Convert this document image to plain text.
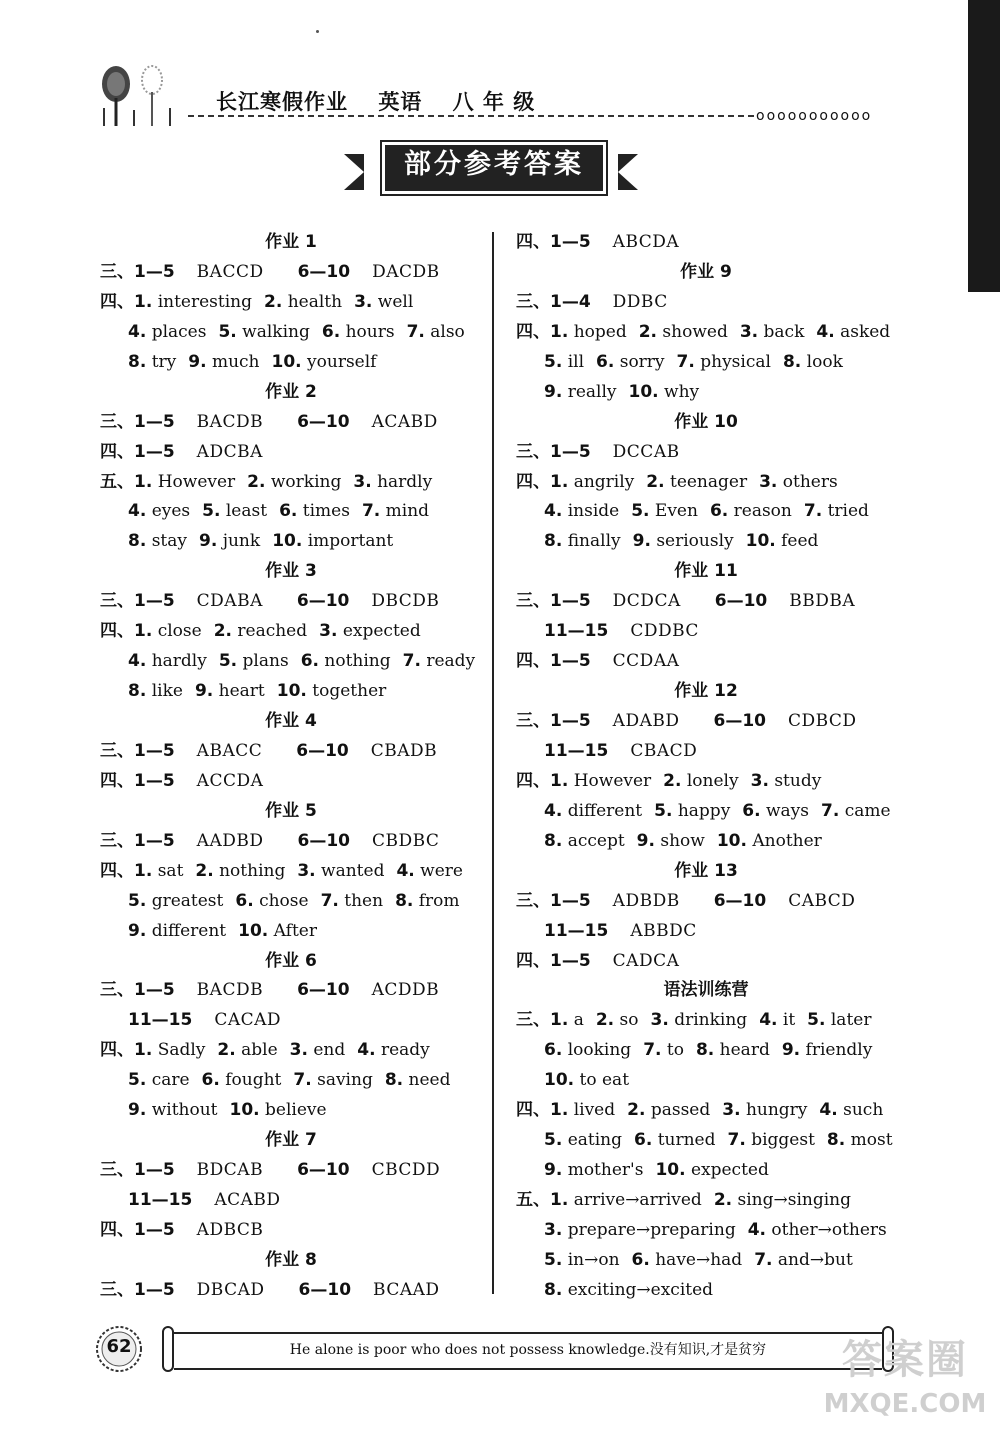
长江寒假作业 英语 八 年 级
ooooooooooo
部分参考答案
作业 1
三、1—5 BACCD 6—10 DACDB
四、1. interesting 2. health 3. well
4. places 5. walking 6. hours 7. also
8. try 9. much 10. yourself
作业 2
三、1—5 BACDB 6—10 ACABD
四、1—5 ADCBA
五、1. However 2. working 3. hardly
4. eyes 5. least 6. times 7. mind
8. stay 9. junk 10. important
作业 3
三、1—5 CDABA 6—10 DBCDB
四、1. close 2. reached 3. expected
4. hardly 5. plans 6. nothing 7. ready
8. like 9. heart 10. together
作业 4
三、1—5 ABACC 6—10 CBADB
四、1—5 ACCDA
作业 5
三、1—5 AADBD 6—10 CBDBC
四、1. sat 2. nothing 3. wanted 4. were
5. greatest 6. chose 7. then 8. from
9. different 10. After
作业 6
三、1—5 BACDB 6—10 ACDDB
11—15 CACAD
四、1. Sadly 2. able 3. end 4. ready
5. care 6. fought 7. saving 8. need
9. without 10. believe
作业 7
三、1—5 BDCAB 6—10 CBCDD
11—15 ACABD
四、1—5 ADBCB
作业 8
三、1—5 DBCAD 6—10 BCAAD
四、1—5 ABCDA
作业 9
三、1—4 DDBC
四、1. hoped 2. showed 3. back 4. asked
5. ill 6. sorry 7. physical 8. look
9. really 10. why
作业 10
三、1—5 DCCAB
四、1. angrily 2. teenager 3. others
4. inside 5. Even 6. reason 7. tried
8. finally 9. seriously 10. feed
作业 11
三、1—5 DCDCA 6—10 BBDBA
11—15 CDDBC
四、1—5 CCDAA
作业 12
三、1—5 ADABD 6—10 CDBCD
11—15 CBACD
四、1. However 2. lonely 3. study
4. different 5. happy 6. ways 7. came
8. accept 9. show 10. Another
作业 13
三、1—5 ADBDB 6—10 CABCD
11—15 ABBDC
四、1—5 CADCA
语法训练营
三、1. a 2. so 3. drinking 4. it 5. later
6. looking 7. to 8. heard 9. friendly
10. to eat
四、1. lived 2. passed 3. hungry 4. such
5. eating 6. turned 7. biggest 8. most
9. mother's 10. expected
五、1. arrive→arrived 2. sing→singing
3. prepare→preparing 4. other→others
5. in→on 6. have→had 7. and→but
8. exciting→excited
62	He alone is poor who does not possess knowledge.没有知识,才是贫穷	答案圈
MXQE.COM
